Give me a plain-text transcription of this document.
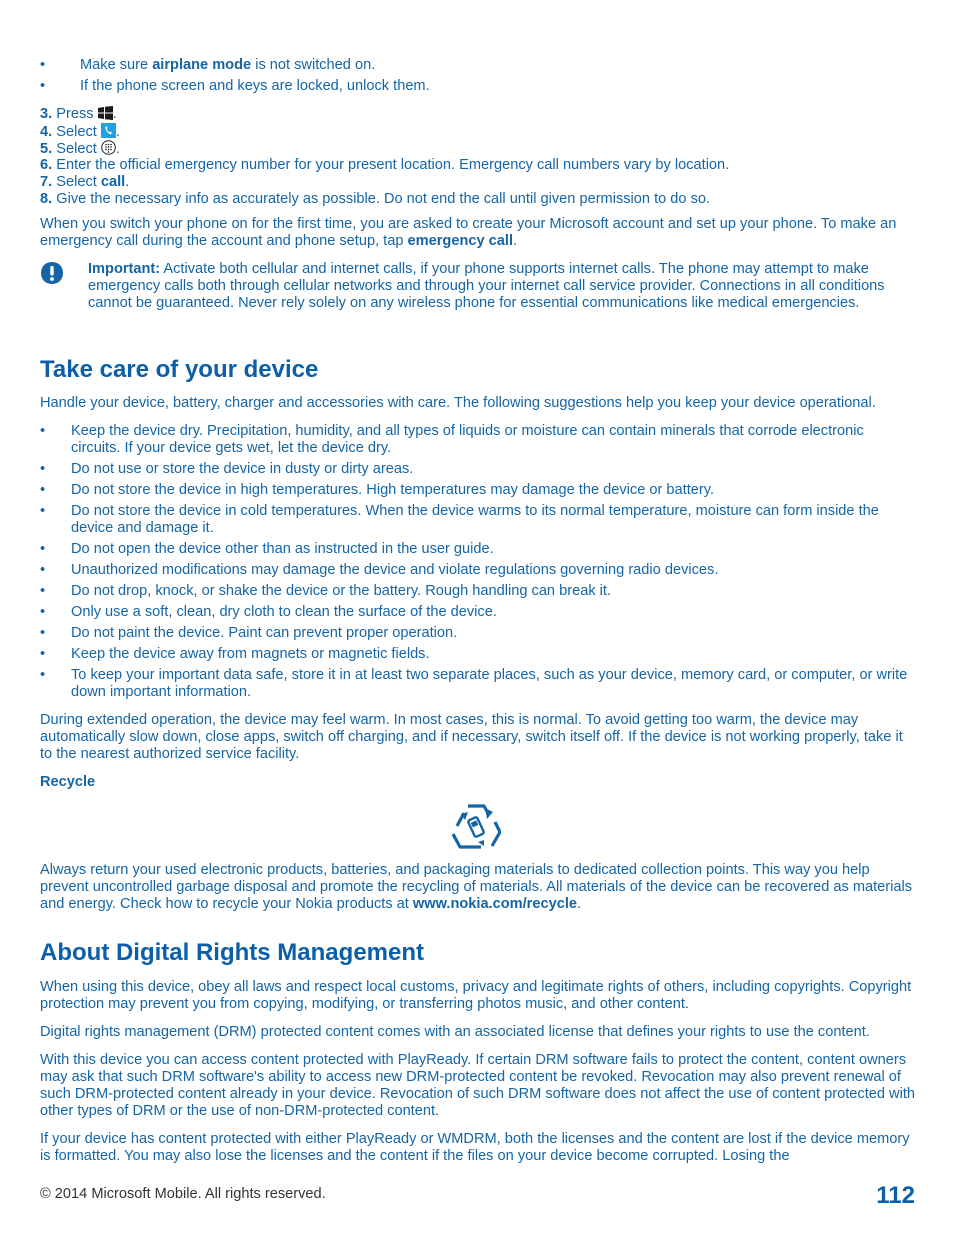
• Make sure airplane mode is not switched on.
• If the phone screen and keys are locked, unlock them.
3. Press .
4. Select .
5. Select .
6. Enter the official emergency number for your present location. Emergency call numbers vary by location.
7. Select call.
8. Give the necessary info as accurately as possible. Do not end the call until given permission to do so.
When you switch your phone on for the first time, you are asked to create your Microsoft account and set up your phone. To make an emergency call during the account and phone setup, tap emergency call.
Important: Activate both cellular and internet calls, if your phone supports internet calls. The phone may attempt to make emergency calls both through cellular networks and through your internet call service provider. Connections in all conditions cannot be guaranteed. Never rely solely on any wireless phone for essential communications like medical emergencies.
Take care of your device
Handle your device, battery, charger and accessories with care. The following suggestions help you keep your device operational.
• Keep the device dry. Precipitation, humidity, and all types of liquids or moisture can contain minerals that corrode electronic circuits. If your device gets wet, let the device dry.
• Do not use or store the device in dusty or dirty areas.
• Do not store the device in high temperatures. High temperatures may damage the device or battery.
• Do not store the device in cold temperatures. When the device warms to its normal temperature, moisture can form inside the device and damage it.
• Do not open the device other than as instructed in the user guide.
• Unauthorized modifications may damage the device and violate regulations governing radio devices.
• Do not drop, knock, or shake the device or the battery. Rough handling can break it.
• Only use a soft, clean, dry cloth to clean the surface of the device.
• Do not paint the device. Paint can prevent proper operation.
• Keep the device away from magnets or magnetic fields.
• To keep your important data safe, store it in at least two separate places, such as your device, memory card, or computer, or write down important information.
During extended operation, the device may feel warm. In most cases, this is normal. To avoid getting too warm, the device may automatically slow down, close apps, switch off charging, and if necessary, switch itself off. If the device is not working properly, take it to the nearest authorized service facility.
Recycle
Always return your used electronic products, batteries, and packaging materials to dedicated collection points. This way you help prevent uncontrolled garbage disposal and promote the recycling of materials. All materials of the device can be recovered as materials and energy. Check how to recycle your Nokia products at www.nokia.com/recycle.
About Digital Rights Management
When using this device, obey all laws and respect local customs, privacy and legitimate rights of others, including copyrights. Copyright protection may prevent you from copying, modifying, or transferring photos music, and other content.
Digital rights management (DRM) protected content comes with an associated license that defines your rights to use the content.
With this device you can access content protected with PlayReady. If certain DRM software fails to protect the content, content owners may ask that such DRM software's ability to access new DRM-protected content be revoked. Revocation may also prevent renewal of such DRM-protected content already in your device. Revocation of such DRM software does not affect the use of content protected with other types of DRM or the use of non-DRM-protected content.
If your device has content protected with either PlayReady or WMDRM, both the licenses and the content are lost if the device memory is formatted. You may also lose the licenses and the content if the files on your device become corrupted. Losing the
© 2014 Microsoft Mobile. All rights reserved.	112
